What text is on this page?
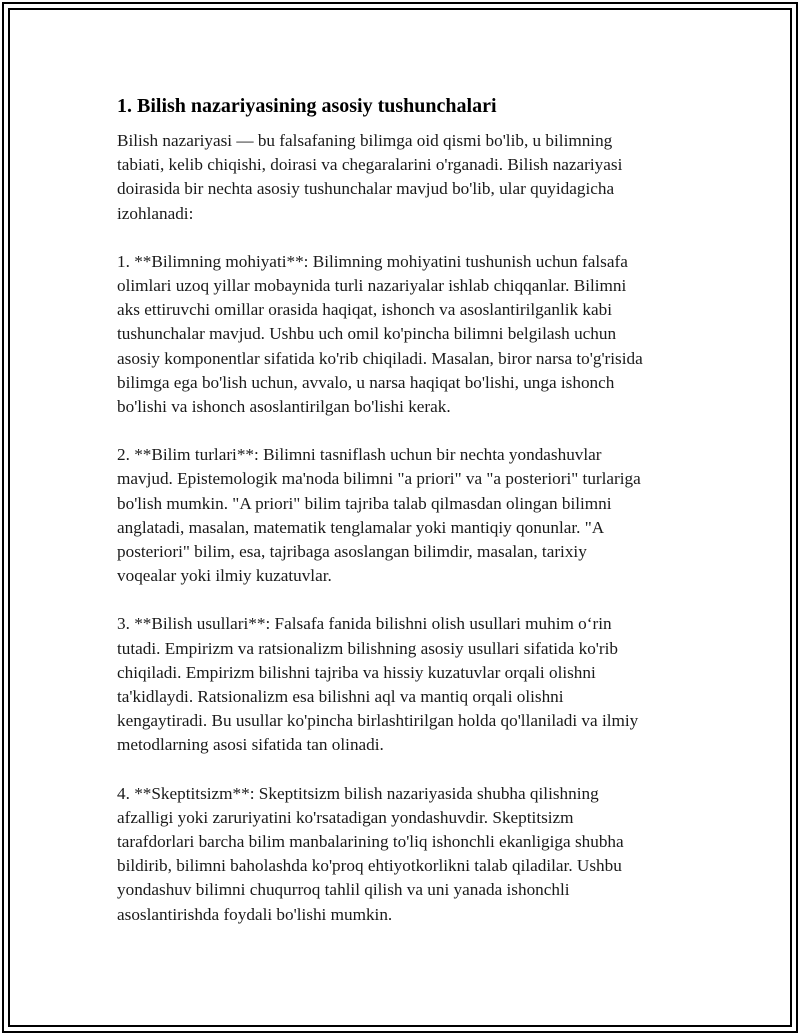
1. Bilish nazariyasining asosiy tushunchalari

Bilish nazariyasi — bu falsafaning bilimga oid qismi bo'lib, u bilimning
tabiati, kelib chiqishi, doirasi va chegaralarini o'rganadi. Bilish nazariyasi
doirasida bir nechta asosiy tushunchalar mavjud bo'lib, ular quyidagicha
izohlanadi:

1. **Bilimning mohiyati**: Bilimning mohiyatini tushunish uchun falsafa
olimlari uzoq yillar mobaynida turli nazariyalar ishlab chiqqanlar. Bilimni
aks ettiruvchi omillar orasida haqiqat, ishonch va asoslantirilganlik kabi
tushunchalar mavjud. Ushbu uch omil ko'pincha bilimni belgilash uchun
asosiy komponentlar sifatida ko'rib chiqiladi. Masalan, biror narsa to'g'risida
bilimga ega bo'lish uchun, avvalo, u narsa haqiqat bo'lishi, unga ishonch
bo'lishi va ishonch asoslantirilgan bo'lishi kerak.

2. **Bilim turlari**: Bilimni tasniflash uchun bir nechta yondashuvlar
mavjud. Epistemologik ma'noda bilimni "a priori" va "a posteriori" turlariga
bo'lish mumkin. "A priori" bilim tajriba talab qilmasdan olingan bilimni
anglatadi, masalan, matematik tenglamalar yoki mantiqiy qonunlar. "A
posteriori" bilim, esa, tajribaga asoslangan bilimdir, masalan, tarixiy
voqealar yoki ilmiy kuzatuvlar.

3. **Bilish usullari**: Falsafa fanida bilishni olish usullari muhim o‘rin
tutadi. Empirizm va ratsionalizm bilishning asosiy usullari sifatida ko'rib
chiqiladi. Empirizm bilishni tajriba va hissiy kuzatuvlar orqali olishni
ta'kidlaydi. Ratsionalizm esa bilishni aql va mantiq orqali olishni
kengaytiradi. Bu usullar ko'pincha birlashtirilgan holda qo'llaniladi va ilmiy
metodlarning asosi sifatida tan olinadi.

4. **Skeptitsizm**: Skeptitsizm bilish nazariyasida shubha qilishning
afzalligi yoki zaruriyatini ko'rsatadigan yondashuvdir. Skeptitsizm
tarafdorlari barcha bilim manbalarining to'liq ishonchli ekanligiga shubha
bildirib, bilimni baholashda ko'proq ehtiyotkorlikni talab qiladilar. Ushbu
yondashuv bilimni chuqurroq tahlil qilish va uni yanada ishonchli
asoslantirishda foydali bo'lishi mumkin.
